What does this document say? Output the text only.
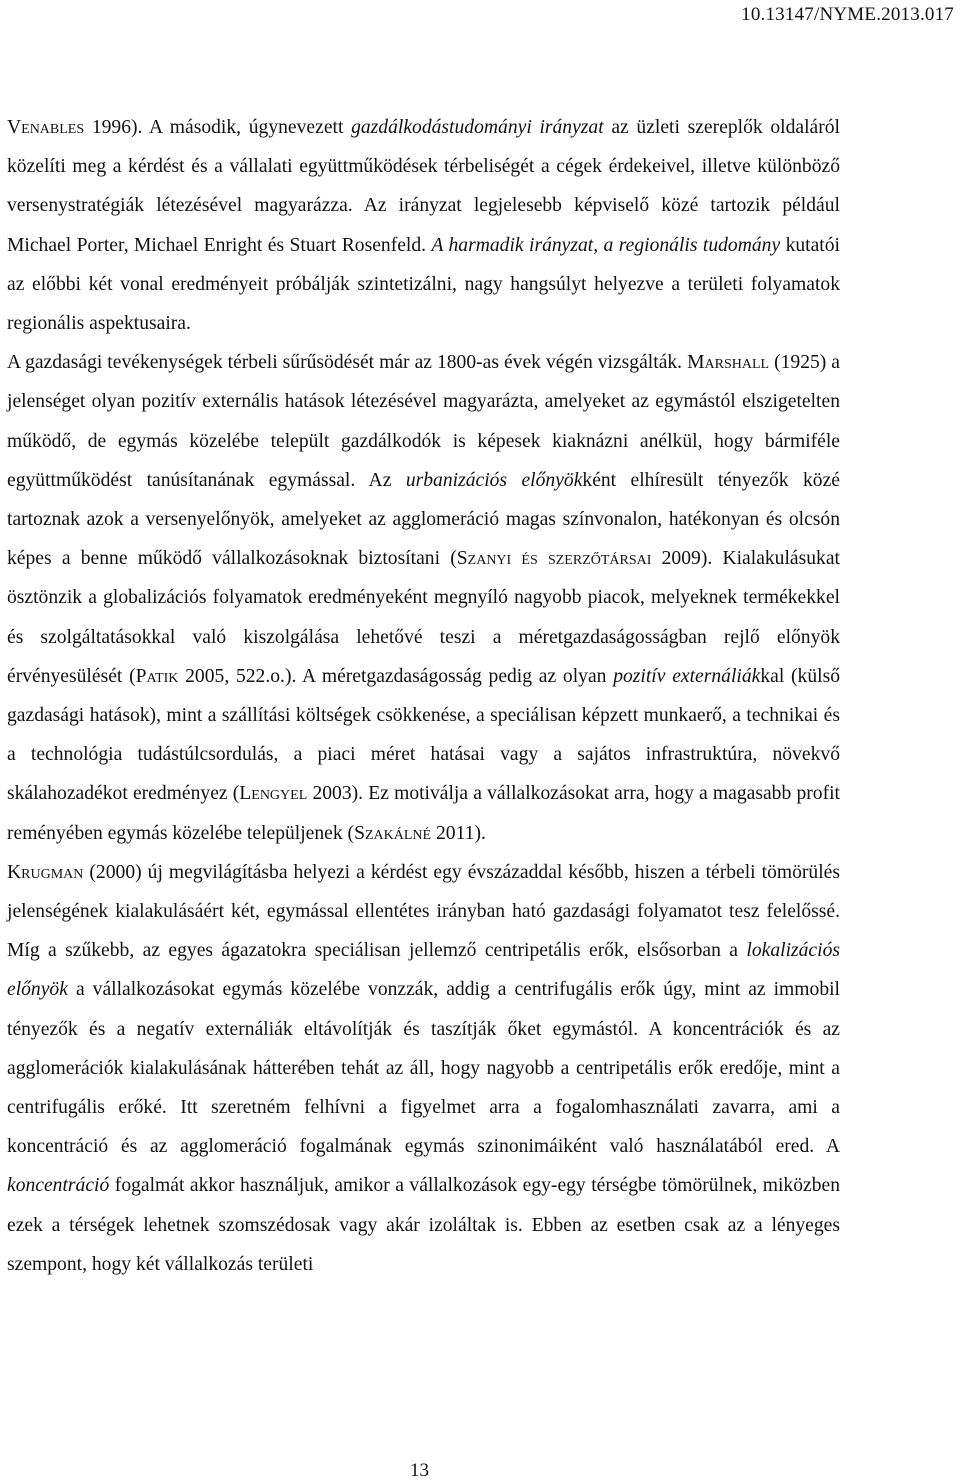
10.13147/NYME.2013.017

Venables 1996). A második, úgynevezett gazdálkodástudományi irányzat az üzleti szereplők oldaláról közelíti meg a kérdést és a vállalati együttműködések térbeliségét a cégek érdekeivel, illetve különböző versenystratégiák létezésével magyarázza. Az irányzat legjelesebb képviselő közé tartozik például Michael Porter, Michael Enright és Stuart Rosenfeld. A harmadik irányzat, a regionális tudomány kutatói az előbbi két vonal eredményeit próbálják szintetizálni, nagy hangsúlyt helyezve a területi folyamatok regionális aspektusaira.

A gazdasági tevékenységek térbeli sűrűsödését már az 1800-as évek végén vizsgálták. Marshall (1925) a jelenséget olyan pozitív externális hatások létezésével magyarázta, amelyeket az egymástól elszigetelten működő, de egymás közelébe települt gazdálkodók is képesek kiaknázni anélkül, hogy bármiféle együttműködést tanúsítanának egymással. Az urbanizációs előnyökként elhíresült tényezők közé tartoznak azok a versenyelőnyök, amelyeket az agglomeráció magas színvonalon, hatékonyan és olcsón képes a benne működő vállalkozásoknak biztosítani (Szanyi és szerzőtársai 2009). Kialakulásukat ösztönzik a globalizációs folyamatok eredményeként megnyíló nagyobb piacok, melyeknek termékekkel és szolgáltatásokkal való kiszolgálása lehetővé teszi a méretgazdaságosságban rejlő előnyök érvényesülését (Patik 2005, 522.o.). A méretgazdaságosság pedig az olyan pozitív externáliákkal (külső gazdasági hatások), mint a szállítási költségek csökkenése, a speciálisan képzett munkaerő, a technikai és a technológia tudástúlcsordulás, a piaci méret hatásai vagy a sajátos infrastruktúra, növekvő skálahozadékot eredményez (Lengyel 2003). Ez motiválja a vállalkozásokat arra, hogy a magasabb profit reményében egymás közelébe települjenek (Szakálné 2011).

Krugman (2000) új megvilágításba helyezi a kérdést egy évszázaddal később, hiszen a térbeli tömörülés jelenségének kialakulásáért két, egymással ellentétes irányban ható gazdasági folyamatot tesz felelőssé. Míg a szűkebb, az egyes ágazatokra speciálisan jellemző centripetális erők, elsősorban a lokalizációs előnyök a vállalkozásokat egymás közelébe vonzzák, addig a centrifugális erők úgy, mint az immobil tényezők és a negatív externáliák eltávolítják és taszítják őket egymástól. A koncentrációk és az agglomerációk kialakulásának hátterében tehát az áll, hogy nagyobb a centripetális erők eredője, mint a centrifugális erőké. Itt szeretném felhívni a figyelmet arra a fogalomhasználati zavarra, ami a koncentráció és az agglomeráció fogalmának egymás szinonimáiként való használatából ered. A koncentráció fogalmát akkor használjuk, amikor a vállalkozások egy-egy térségbe tömörülnek, miközben ezek a térségek lehetnek szomszédosak vagy akár izoláltak is. Ebben az esetben csak az a lényeges szempont, hogy két vállalkozás területi

13
